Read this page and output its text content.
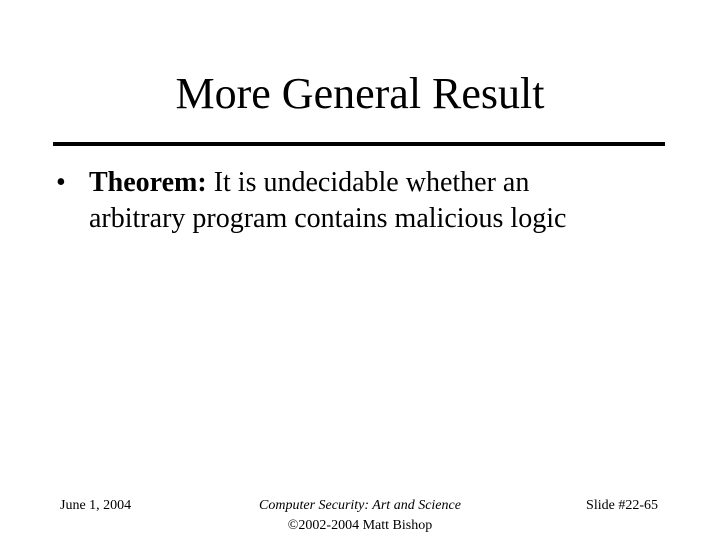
More General Result
• Theorem: It is undecidable whether an
arbitrary program contains malicious logic
June 1, 2004	Computer Security: Art and Science
©2002-2004 Matt Bishop
Slide #22-65
